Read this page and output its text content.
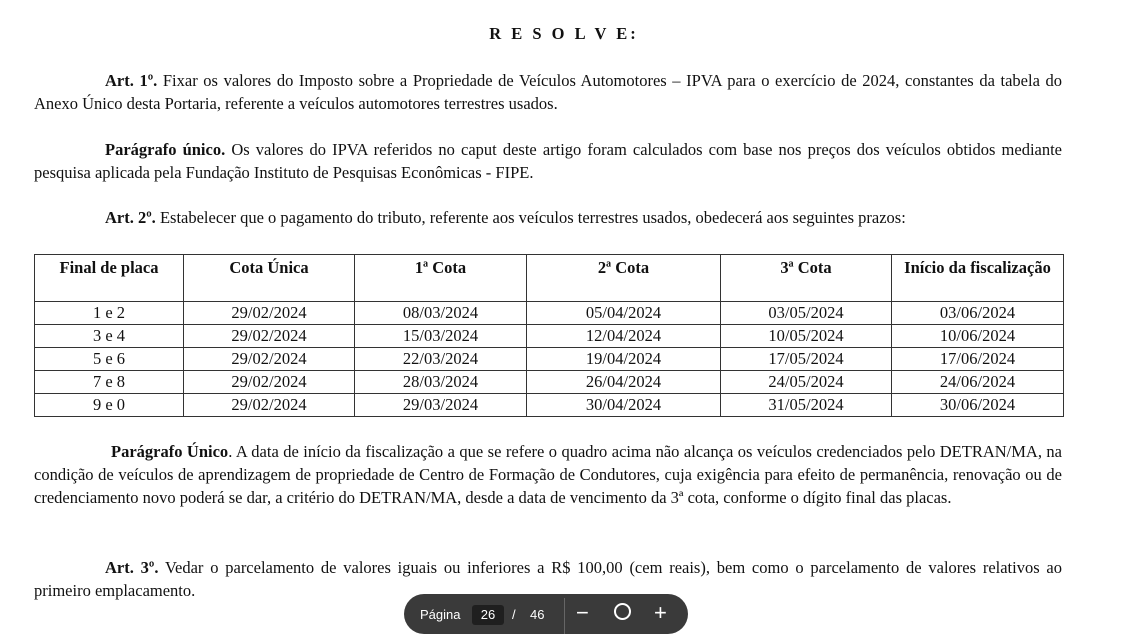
R E S O L V E:

Art. 1º. Fixar os valores do Imposto sobre a Propriedade de Veículos Automotores – IPVA para o exercício de 2024, constantes da tabela do Anexo Único desta Portaria, referente a veículos automotores terrestres usados.

Parágrafo único. Os valores do IPVA referidos no caput deste artigo foram calculados com base nos preços dos veículos obtidos mediante pesquisa aplicada pela Fundação Instituto de Pesquisas Econômicas - FIPE.

Art. 2º. Estabelecer que o pagamento do tributo, referente aos veículos terrestres usados, obedecerá aos seguintes prazos:

Final de placa	Cota Única	1ª Cota	2ª Cota	3ª Cota	Início da fiscalização
1 e 2	29/02/2024	08/03/2024	05/04/2024	03/05/2024	03/06/2024
3 e 4	29/02/2024	15/03/2024	12/04/2024	10/05/2024	10/06/2024
5 e 6	29/02/2024	22/03/2024	19/04/2024	17/05/2024	17/06/2024
7 e 8	29/02/2024	28/03/2024	26/04/2024	24/05/2024	24/06/2024
9 e 0	29/02/2024	29/03/2024	30/04/2024	31/05/2024	30/06/2024

Parágrafo Único. A data de início da fiscalização a que se refere o quadro acima não alcança os veículos credenciados pelo DETRAN/MA, na condição de veículos de aprendizagem de propriedade de Centro de Formação de Condutores, cuja exigência para efeito de permanência, renovação ou de credenciamento novo poderá se dar, a critério do DETRAN/MA, desde a data de vencimento da 3ª cota, conforme o dígito final das placas.

Art. 3º. Vedar o parcelamento de valores iguais ou inferiores a R$ 100,00 (cem reais), bem como o parcelamento de valores relativos ao primeiro emplacamento.

Página	26	/ 46 −	+
